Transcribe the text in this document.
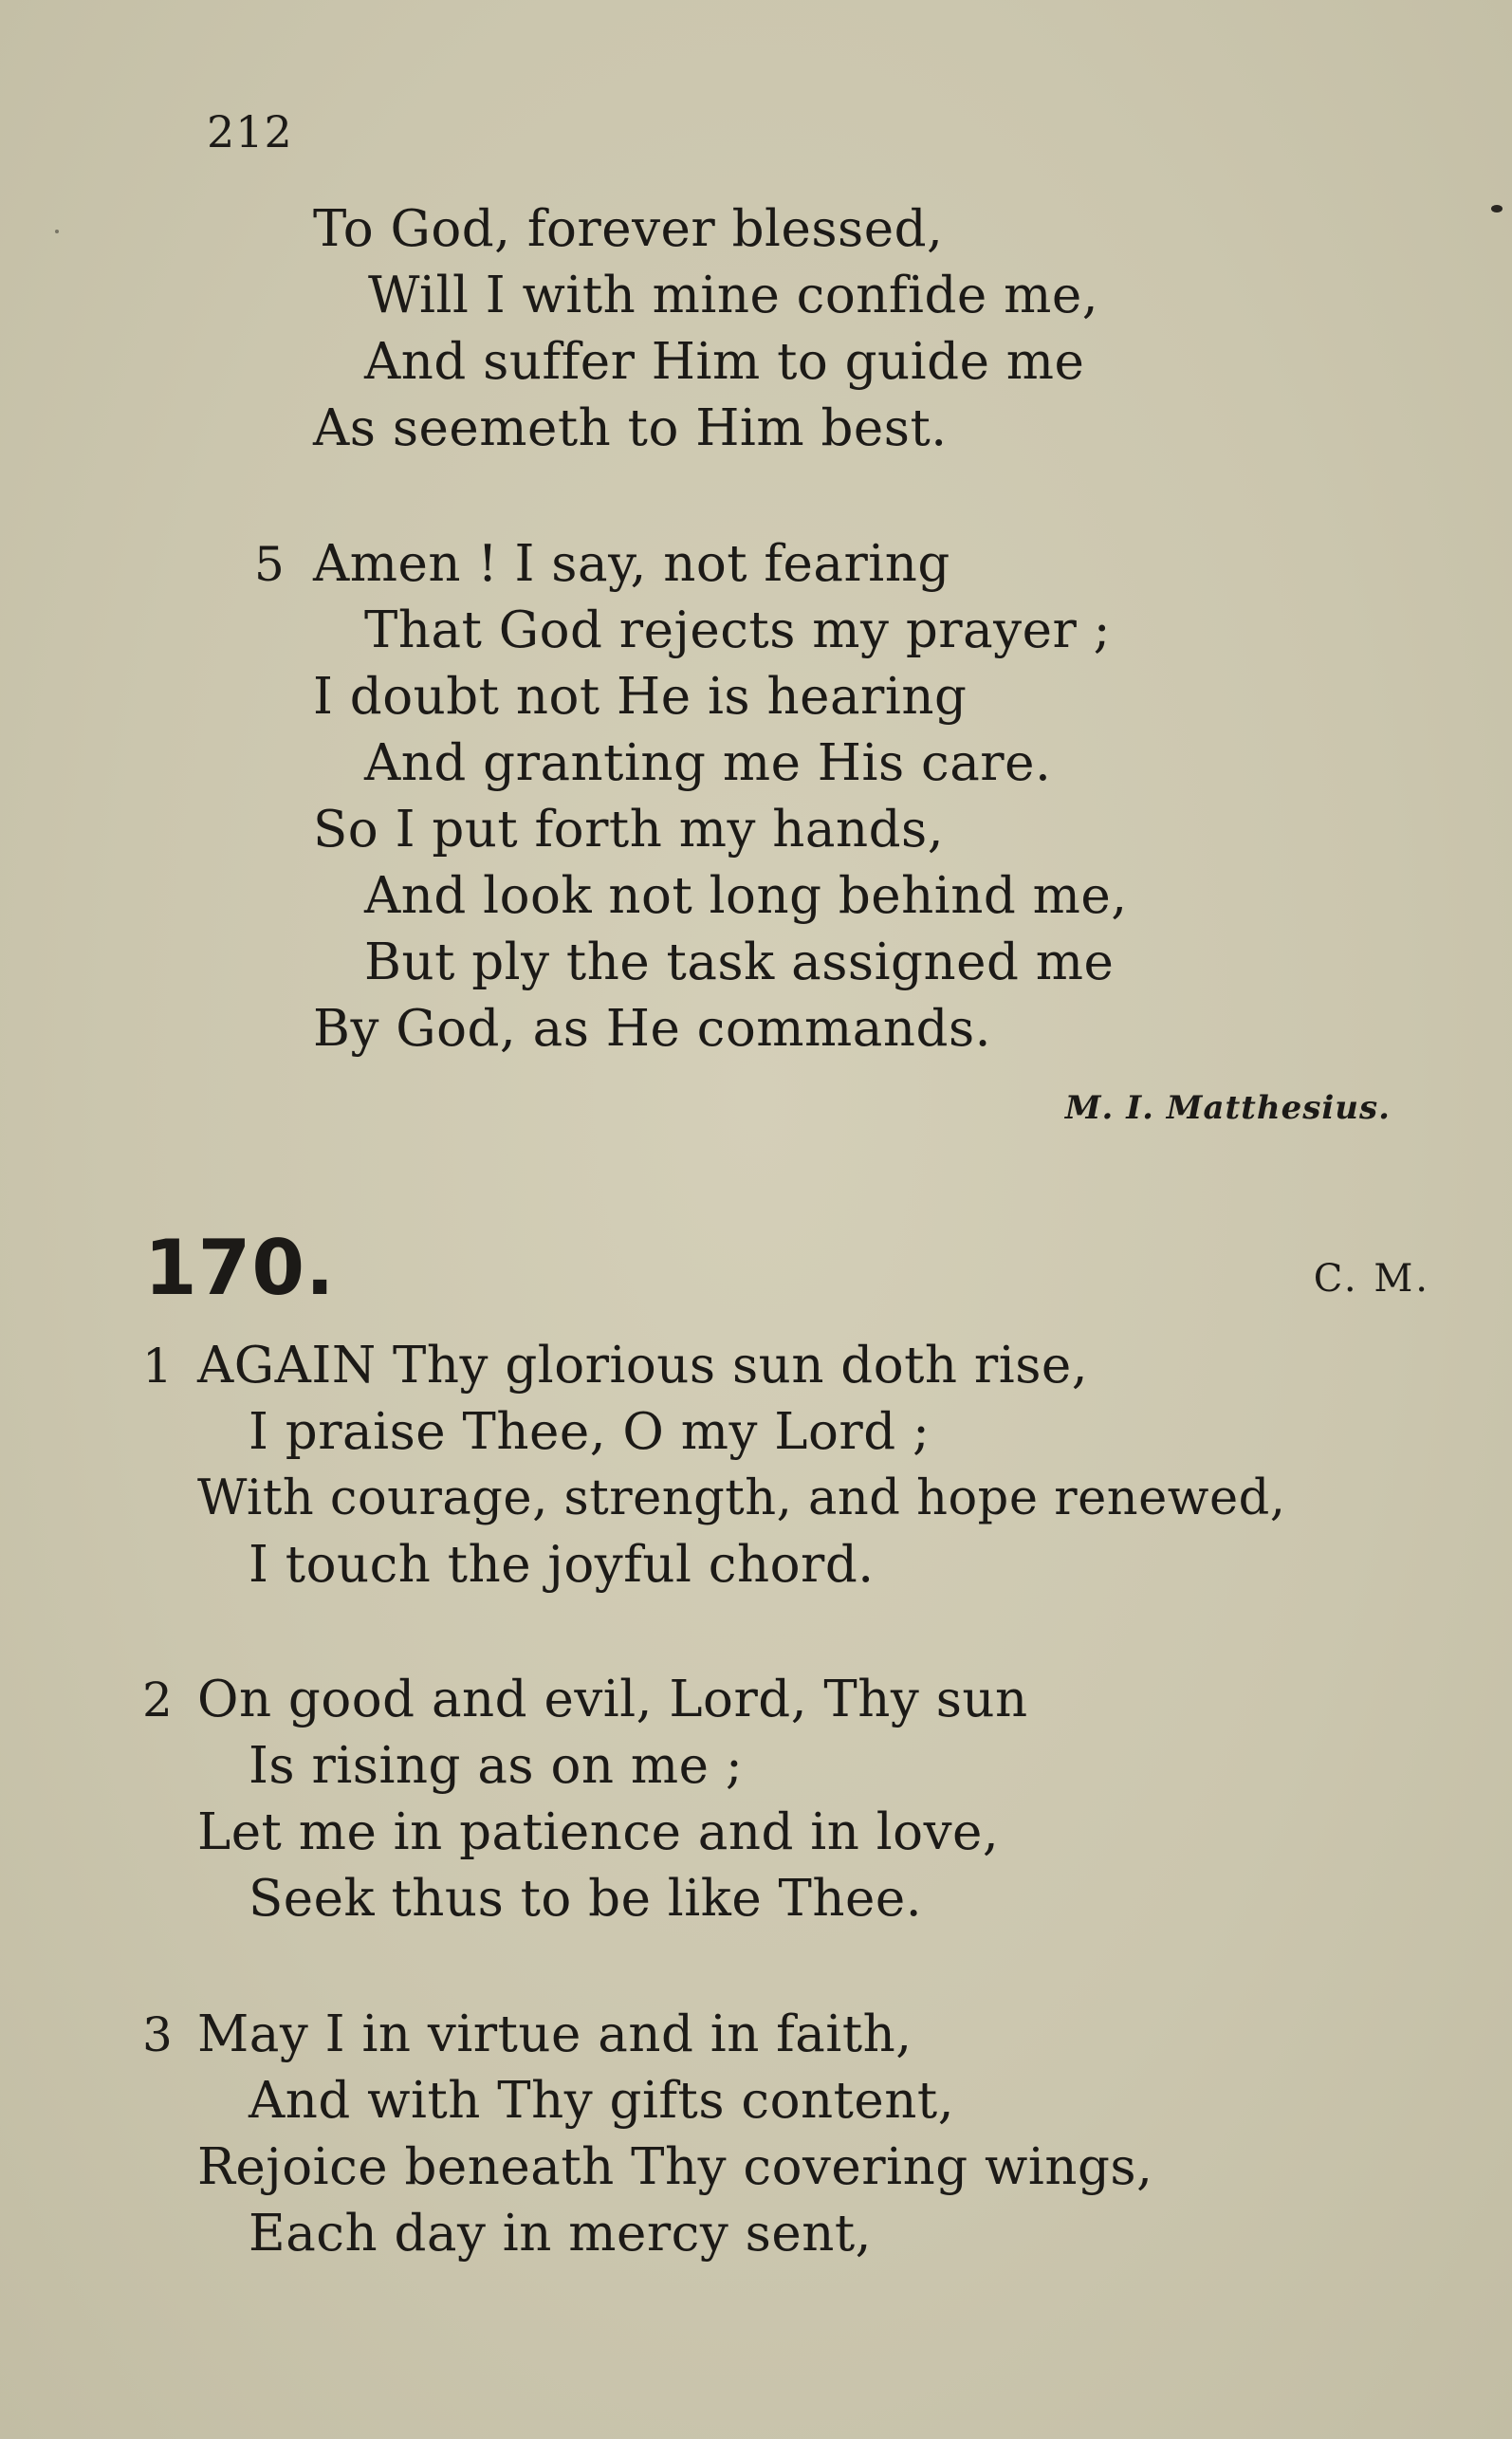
212
To God, forever blessed,
Will I with mine confide me,
And suffer Him to guide me
As seemeth to Him best.
5 Amen ! I say, not fearing
That God rejects my prayer ;
I doubt not He is hearing
And granting me His care.
So I put forth my hands,
And look not long behind me,
But ply the task assigned me
By God, as He commands.
M. I. Matthesius.
170.	C. M.
1 AGAIN Thy glorious sun doth rise,
I praise Thee, O my Lord ;
With courage, strength, and hope renewed,
I touch the joyful chord.
2 On good and evil, Lord, Thy sun
Is rising as on me ;
Let me in patience and in love,
Seek thus to be like Thee.
3 May I in virtue and in faith,
And with Thy gifts content,
Rejoice beneath Thy covering wings,
Each day in mercy sent,
